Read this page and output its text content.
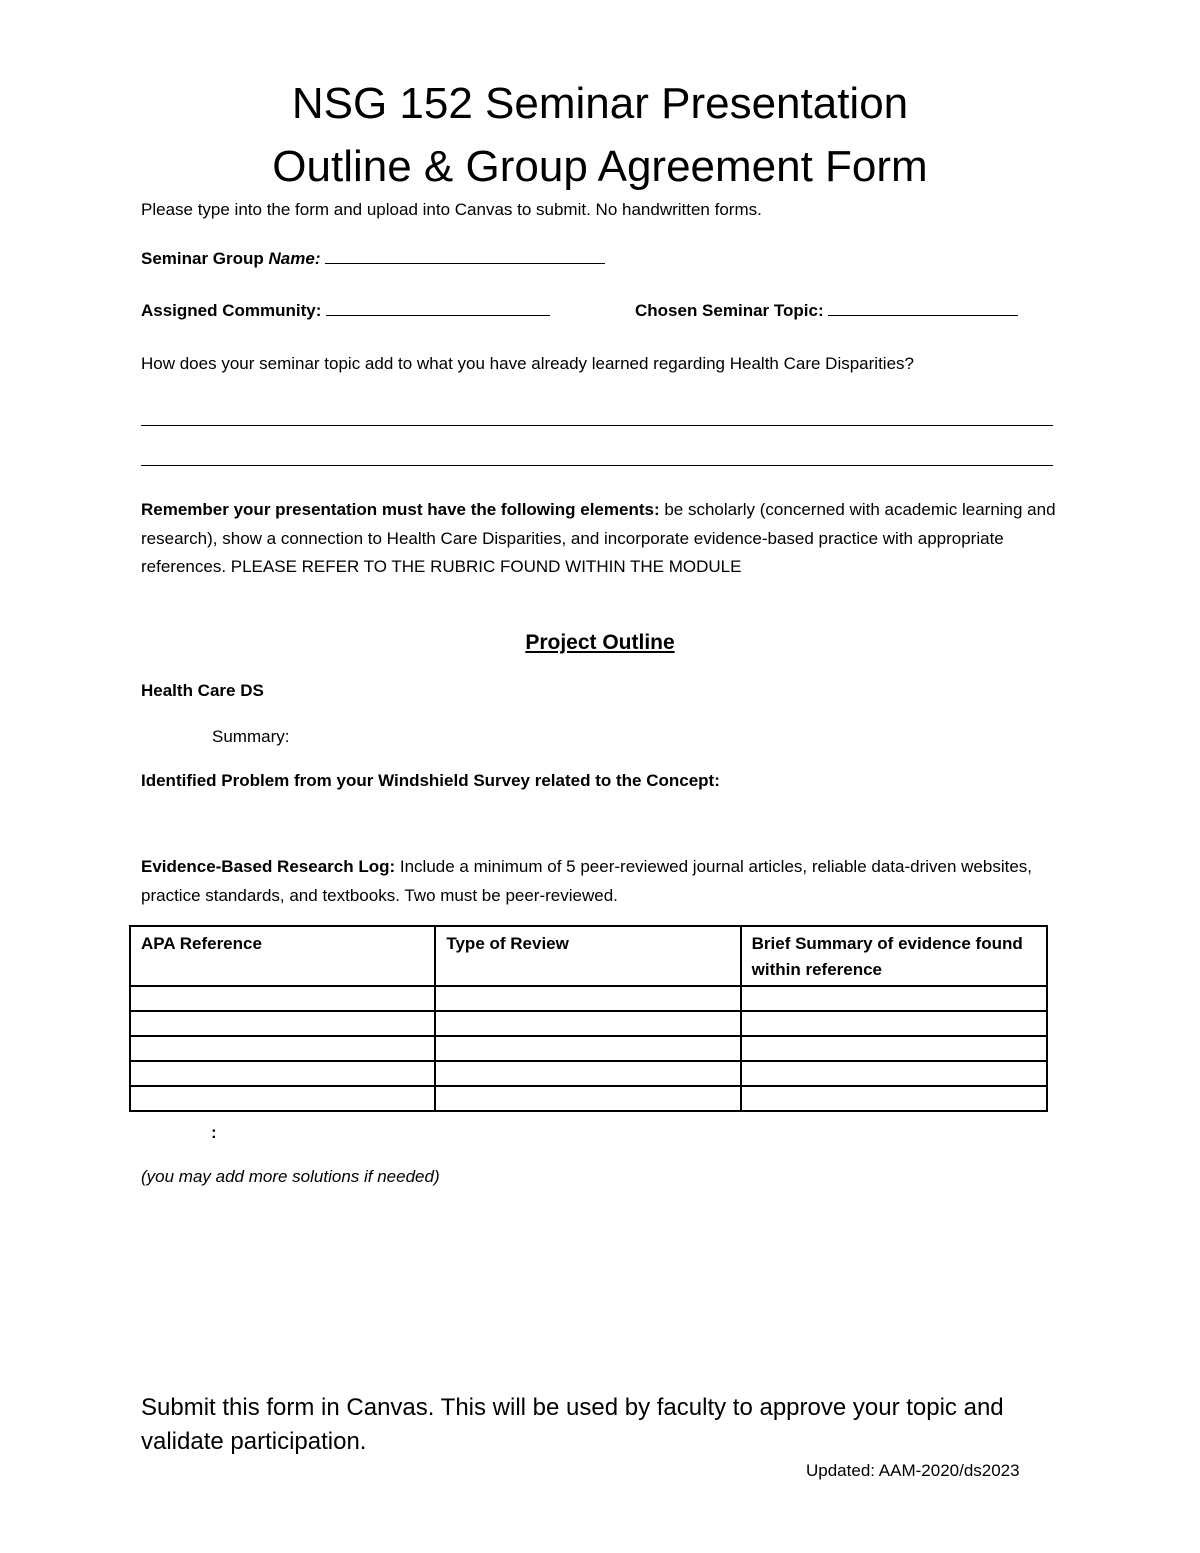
NSG 152 Seminar Presentation
Outline & Group Agreement Form
Please type into the form and upload into Canvas to submit. No handwritten forms.
Seminar Group Name:
Assigned Community:	Chosen Seminar Topic:
How does your seminar topic add to what you have already learned regarding Health Care Disparities?
Remember your presentation must have the following elements: be scholarly (concerned with academic learning and research), show a connection to Health Care Disparities, and incorporate evidence-based practice with appropriate references. PLEASE REFER TO THE RUBRIC FOUND WITHIN THE MODULE
Project Outline
Health Care DS
Summary:
Identified Problem from your Windshield Survey related to the Concept:
Evidence-Based Research Log: Include a minimum of 5 peer-reviewed journal articles, reliable data-driven websites, practice standards, and textbooks. Two must be peer-reviewed.
APA Reference	Type of Review	Brief Summary of evidence found within reference

:
(you may add more solutions if needed)
Submit this form in Canvas. This will be used by faculty to approve your topic and validate participation.
Updated: AAM-2020/ds2023
